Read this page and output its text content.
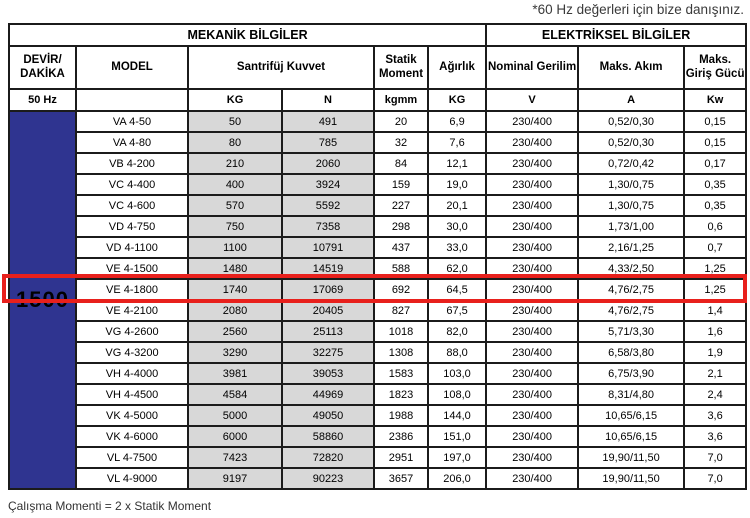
*60 Hz değerleri için bize danışınız.
MEKANİK BİLGİLER						ELEKTRİKSEL BİLGİLER		
DEVİR/
DAKİKA	MODEL	Santrifüj Kuvvet		Statik Moment	Ağırlık	Nominal Gerilim	Maks. Akım	Maks. Giriş Gücü
50 Hz		KG	N	kgmm	KG	V	A	Kw
1500	VA 4-50	50	491	20	6,9	230/400	0,52/0,30	0,15
	VA 4-80	80	785	32	7,6	230/400	0,52/0,30	0,15
	VB 4-200	210	2060	84	12,1	230/400	0,72/0,42	0,17
	VC 4-400	400	3924	159	19,0	230/400	1,30/0,75	0,35
	VC 4-600	570	5592	227	20,1	230/400	1,30/0,75	0,35
	VD 4-750	750	7358	298	30,0	230/400	1,73/1,00	0,6
	VD 4-1100	1100	10791	437	33,0	230/400	2,16/1,25	0,7
	VE 4-1500	1480	14519	588	62,0	230/400	4,33/2,50	1,25
	VE 4-1800	1740	17069	692	64,5	230/400	4,76/2,75	1,25
	VE 4-2100	2080	20405	827	67,5	230/400	4,76/2,75	1,4
	VG 4-2600	2560	25113	1018	82,0	230/400	5,71/3,30	1,6
	VG 4-3200	3290	32275	1308	88,0	230/400	6,58/3,80	1,9
	VH 4-4000	3981	39053	1583	103,0	230/400	6,75/3,90	2,1
	VH 4-4500	4584	44969	1823	108,0	230/400	8,31/4,80	2,4
	VK 4-5000	5000	49050	1988	144,0	230/400	10,65/6,15	3,6
	VK 4-6000	6000	58860	2386	151,0	230/400	10,65/6,15	3,6
	VL 4-7500	7423	72820	2951	197,0	230/400	19,90/11,50	7,0
	VL 4-9000	9197	90223	3657	206,0	230/400	19,90/11,50	7,0
Çalışma Momenti = 2 x Statik Moment
